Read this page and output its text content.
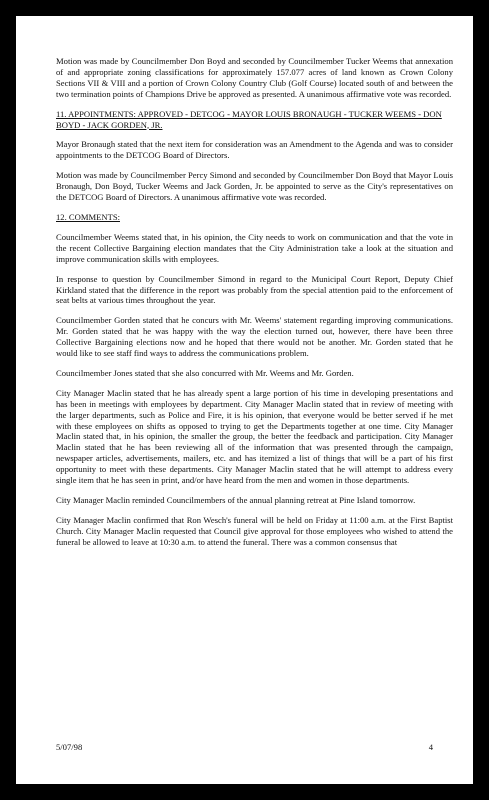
Motion was made by Councilmember Don Boyd and seconded by Councilmember Tucker Weems that annexation of and appropriate zoning classifications for approximately 157.077 acres of land known as Crown Colony Sections VII & VIII and a portion of Crown Colony Country Club (Golf Course) located south of and between the two termination points of Champions Drive be approved as presented. A unanimous affirmative vote was recorded.

11. APPOINTMENTS: APPROVED - DETCOG - MAYOR LOUIS BRONAUGH - TUCKER WEEMS - DON BOYD - JACK GORDEN, JR.

Mayor Bronaugh stated that the next item for consideration was an Amendment to the Agenda and was to consider appointments to the DETCOG Board of Directors.

Motion was made by Councilmember Percy Simond and seconded by Councilmember Don Boyd that Mayor Louis Bronaugh, Don Boyd, Tucker Weems and Jack Gorden, Jr. be appointed to serve as the City's representatives on the DETCOG Board of Directors. A unanimous affirmative vote was recorded.

12. COMMENTS:

Councilmember Weems stated that, in his opinion, the City needs to work on communication and that the vote in the recent Collective Bargaining election mandates that the City Administration take a look at the situation and improve communication skills with employees.

In response to question by Councilmember Simond in regard to the Municipal Court Report, Deputy Chief Kirkland stated that the difference in the report was probably from the special attention paid to the enforcement of seat belts at various times throughout the year.

Councilmember Gorden stated that he concurs with Mr. Weems' statement regarding improving communications. Mr. Gorden stated that he was happy with the way the election turned out, however, there have been three Collective Bargaining elections now and he hoped that there would not be another. Mr. Gorden stated that he would like to see staff find ways to address the communications problem.

Councilmember Jones stated that she also concurred with Mr. Weems and Mr. Gorden.

City Manager Maclin stated that he has already spent a large portion of his time in developing presentations and has been in meetings with employees by department. City Manager Maclin stated that in review of meeting with the larger departments, such as Police and Fire, it is his opinion, that everyone would be better served if he met with these employees on shifts as opposed to trying to get the Departments together at one time. City Manager Maclin stated that, in his opinion, the smaller the group, the better the feedback and participation. City Manager Maclin stated that he has been reviewing all of the information that was presented through the campaign, newspaper articles, advertisements, mailers, etc. and has itemized a list of things that will be a part of his first opportunity to meet with these departments. City Manager Maclin stated that he will attempt to address every single item that he has seen in print, and/or have heard from the men and women in those departments.

City Manager Maclin reminded Councilmembers of the annual planning retreat at Pine Island tomorrow.

City Manager Maclin confirmed that Ron Wesch's funeral will be held on Friday at 11:00 a.m. at the First Baptist Church. City Manager Maclin requested that Council give approval for those employees who wished to attend the funeral be allowed to leave at 10:30 a.m. to attend the funeral. There was a common consensus that

5/07/98	4
